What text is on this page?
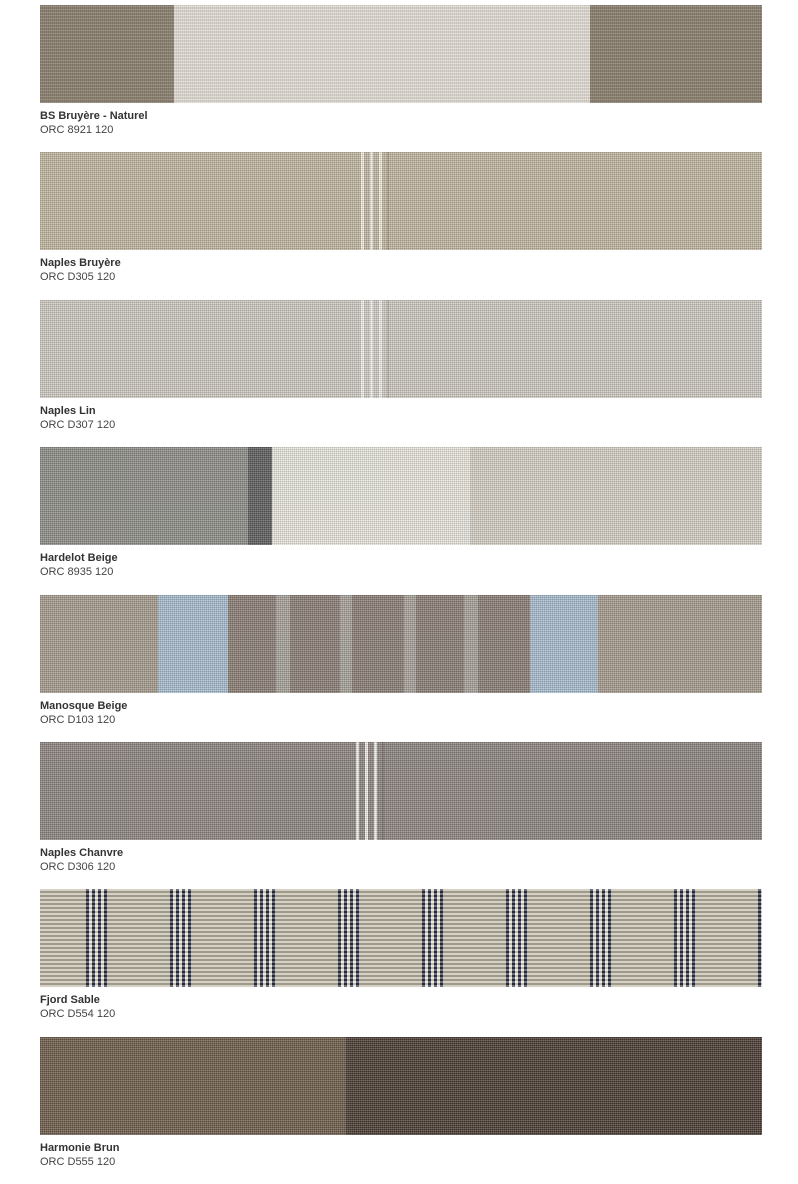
BS Bruyère - Naturel
ORC 8921 120
Naples Bruyère
ORC D305 120
Naples Lin
ORC D307 120
Hardelot Beige
ORC 8935 120
Manosque Beige
ORC D103 120
Naples Chanvre
ORC D306 120
Fjord Sable
ORC D554 120
Harmonie Brun
ORC D555 120
